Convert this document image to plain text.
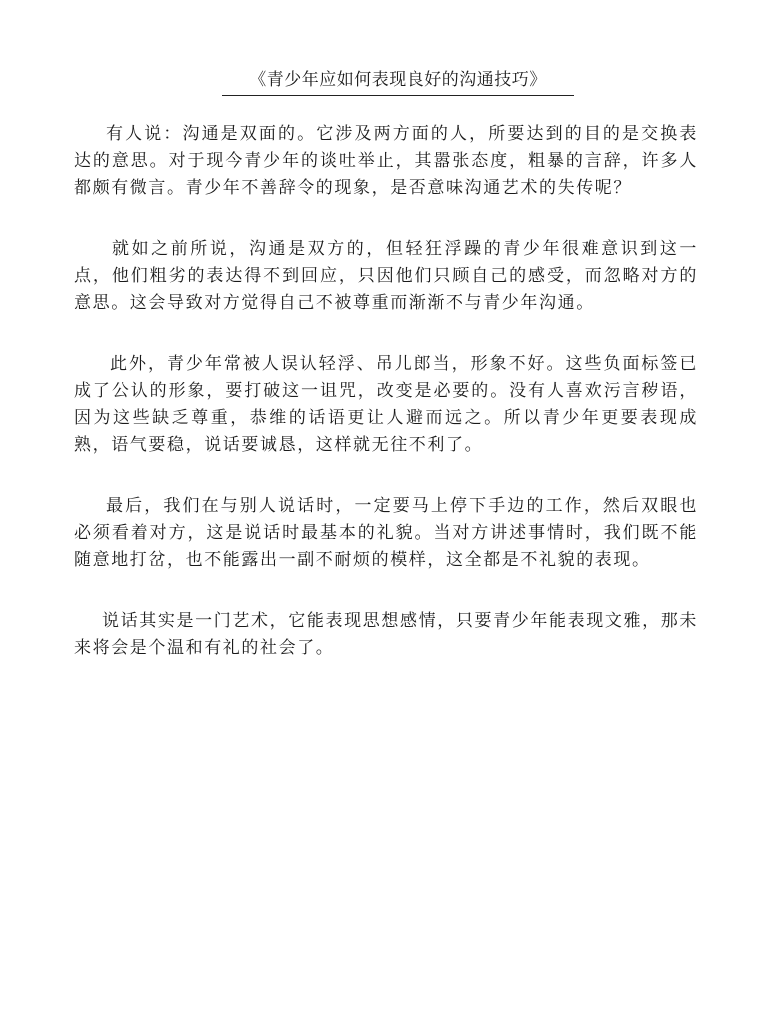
《青少年应如何表现良好的沟通技巧》

有人说：沟通是双面的。它涉及两方面的人，所要达到的目的是交换表达的意思。对于现今青少年的谈吐举止，其嚣张态度，粗暴的言辞，许多人都颇有微言。青少年不善辞令的现象，是否意味沟通艺术的失传呢？

就如之前所说，沟通是双方的，但轻狂浮躁的青少年很难意识到这一点，他们粗劣的表达得不到回应，只因他们只顾自己的感受，而忽略对方的意思。这会导致对方觉得自己不被尊重而渐渐不与青少年沟通。

此外，青少年常被人误认轻浮、吊儿郎当，形象不好。这些负面标签已成了公认的形象，要打破这一诅咒，改变是必要的。没有人喜欢污言秽语，因为这些缺乏尊重，恭维的话语更让人避而远之。所以青少年更要表现成熟，语气要稳，说话要诚恳，这样就无往不利了。

最后，我们在与别人说话时，一定要马上停下手边的工作，然后双眼也必须看着对方，这是说话时最基本的礼貌。当对方讲述事情时，我们既不能随意地打岔，也不能露出一副不耐烦的模样，这全都是不礼貌的表现。

说话其实是一门艺术，它能表现思想感情，只要青少年能表现文雅，那未来将会是个温和有礼的社会了。
